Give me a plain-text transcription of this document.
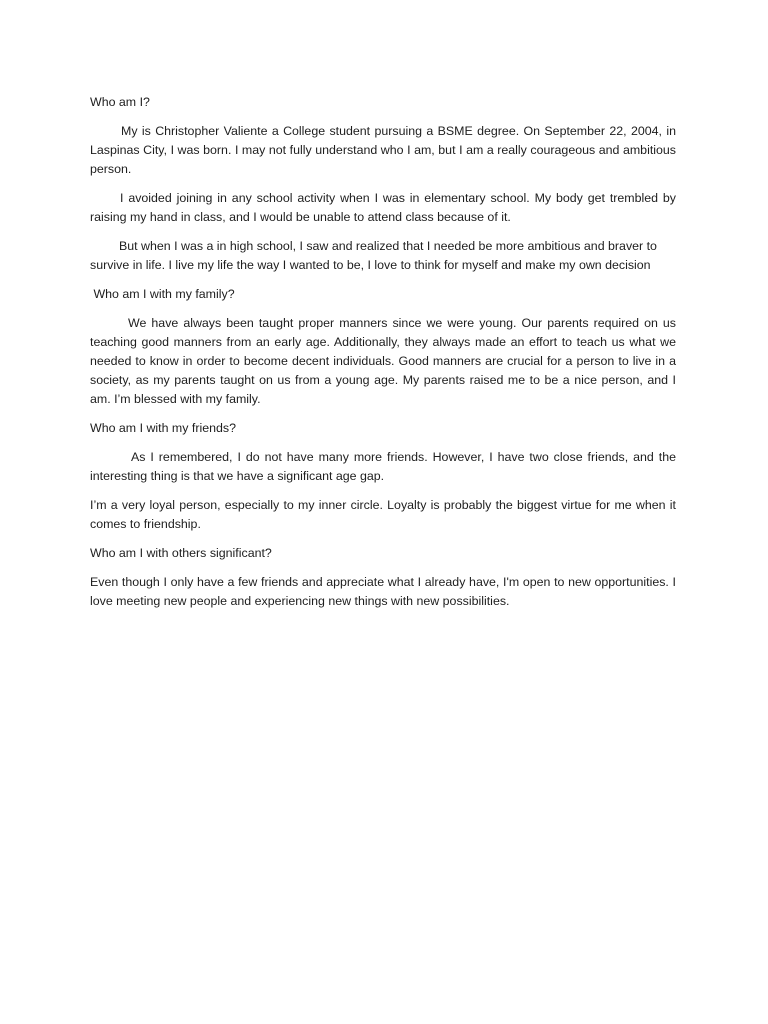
Who am I?

My is Christopher Valiente a College student pursuing a BSME degree. On September 22, 2004, in Laspinas City, I was born. I may not fully understand who I am, but I am a really courageous and ambitious person.

I avoided joining in any school activity when I was in elementary school. My body get trembled by raising my hand in class, and I would be unable to attend class because of it.

But when I was a in high school, I saw and realized that I needed be more ambitious and braver to survive in life. I live my life the way I wanted to be, I love to think for myself and make my own decision

Who am I with my family?

We have always been taught proper manners since we were young. Our parents required on us teaching good manners from an early age. Additionally, they always made an effort to teach us what we needed to know in order to become decent individuals. Good manners are crucial for a person to live in a society, as my parents taught on us from a young age. My parents raised me to be a nice person, and I am. I’m blessed with my family.

Who am I with my friends?

As I remembered, I do not have many more friends. However, I have two close friends, and the interesting thing is that we have a significant age gap.

I’m a very loyal person, especially to my inner circle. Loyalty is probably the biggest virtue for me when it comes to friendship.

Who am I with others significant?

Even though I only have a few friends and appreciate what I already have, I'm open to new opportunities. I love meeting new people and experiencing new things with new possibilities.
